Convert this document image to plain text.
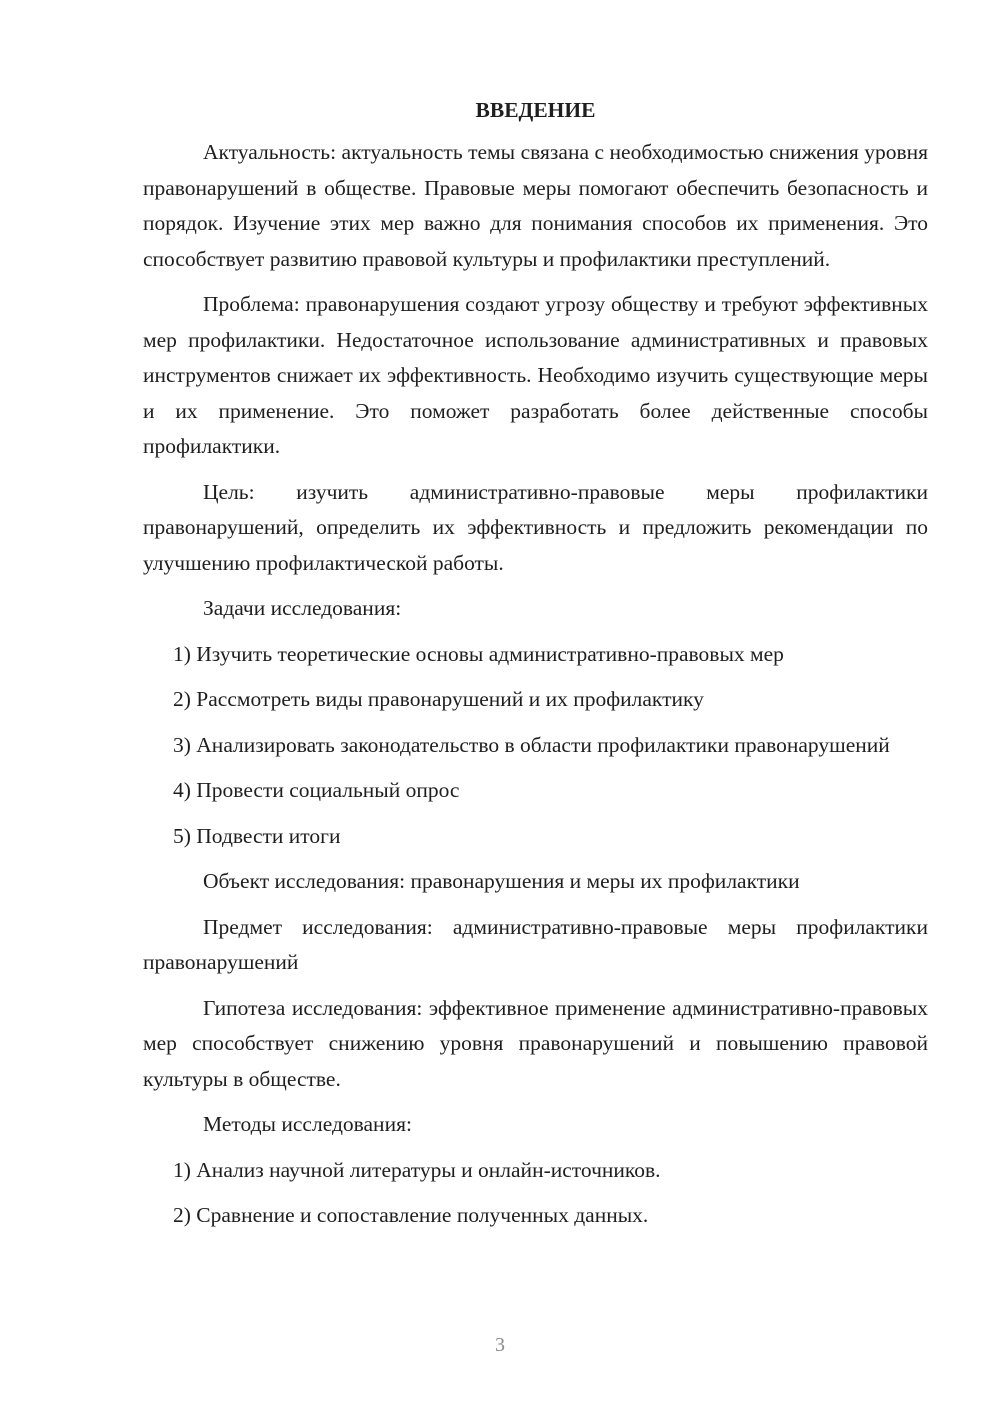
ВВЕДЕНИЕ
Актуальность: актуальность темы связана с необходимостью снижения уровня правонарушений в обществе. Правовые меры помогают обеспечить безопасность и порядок. Изучение этих мер важно для понимания способов их применения. Это способствует развитию правовой культуры и профилактики преступлений.
Проблема: правонарушения создают угрозу обществу и требуют эффективных мер профилактики. Недостаточное использование административных и правовых инструментов снижает их эффективность. Необходимо изучить существующие меры и их применение. Это поможет разработать более действенные способы профилактики.
Цель: изучить административно-правовые меры профилактики правонарушений, определить их эффективность и предложить рекомендации по улучшению профилактической работы.
Задачи исследования:
1) Изучить теоретические основы административно-правовых мер
2) Рассмотреть виды правонарушений и их профилактику
3) Анализировать законодательство в области профилактики правонарушений
4) Провести социальный опрос
5) Подвести итоги
Объект исследования: правонарушения и меры их профилактики
Предмет исследования: административно-правовые меры профилактики правонарушений
Гипотеза исследования: эффективное применение административно-правовых мер способствует снижению уровня правонарушений и повышению правовой культуры в обществе.
Методы исследования:
1) Анализ научной литературы и онлайн-источников.
2) Сравнение и сопоставление полученных данных.
3
